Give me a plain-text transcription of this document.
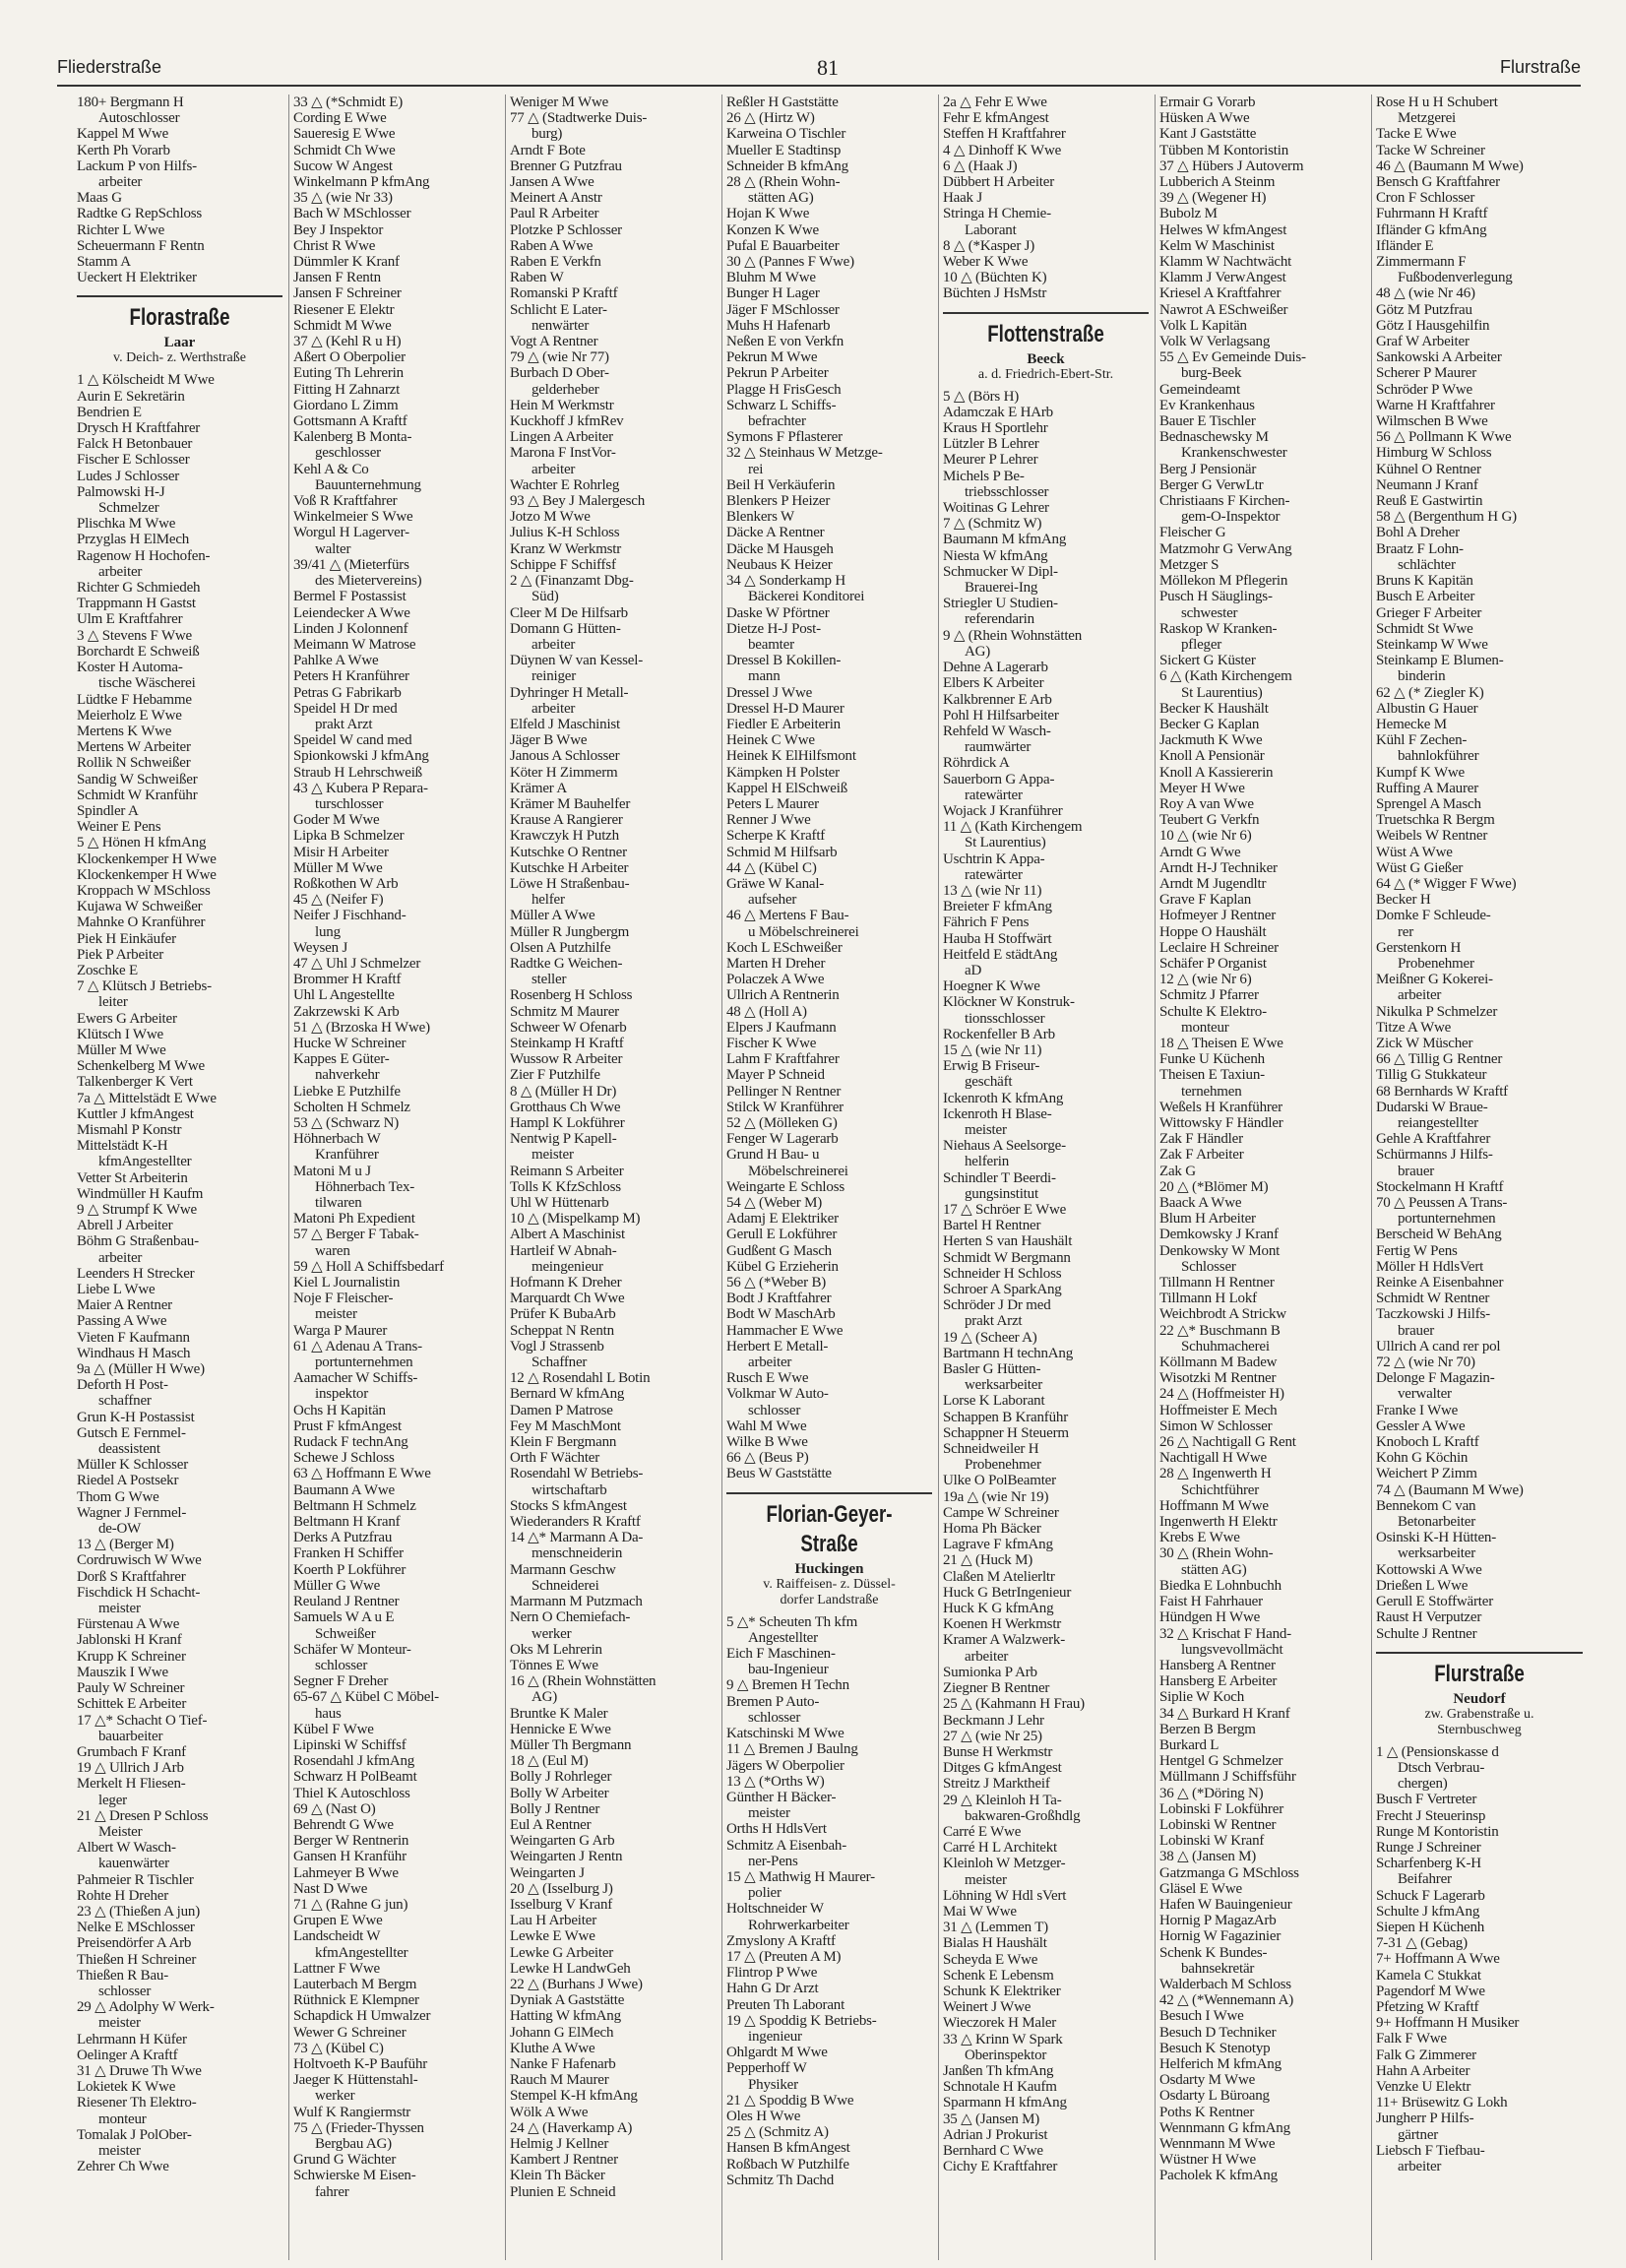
Fliederstraße	81	Flurstraße
180+ Bergmann H
Autoschlosser
Kappel M Wwe
Kerth Ph Vorarb
Lackum P von Hilfs-
arbeiter
Maas G
Radtke G RepSchloss
Richter L Wwe
Scheuermann F Rentn
Stamm A
Ueckert H Elektriker
Florastraße
Laar
v. Deich- z. Werthstraße
1 △ Kölscheidt M Wwe
Aurin E Sekretärin
Bendrien E
Drysch H Kraftfahrer
Falck H Betonbauer
Fischer E Schlosser
Ludes J Schlosser
Palmowski H-J
Schmelzer
Plischka M Wwe
Przyglas H ElMech
Ragenow H Hochofen-
arbeiter
Richter G Schmiedeh
Trappmann H Gastst
Ulm E Kraftfahrer
3 △ Stevens F Wwe
Borchardt E Schweiß
Koster H Automa-
tische Wäscherei
Lüdtke F Hebamme
Meierholz E Wwe
Mertens K Wwe
Mertens W Arbeiter
Rollik N Schweißer
Sandig W Schweißer
Schmidt W Kranführ
Spindler A
Weiner E Pens
5 △ Hönen H kfmAng
Klockenkemper H Wwe
Klockenkemper H Wwe
Kroppach W MSchloss
Kujawa W Schweißer
Mahnke O Kranführer
Piek H Einkäufer
Piek P Arbeiter
Zoschke E
7 △ Klütsch J Betriebs-
leiter
Ewers G Arbeiter
Klütsch I Wwe
Müller M Wwe
Schenkelberg M Wwe
Talkenberger K Vert
7a △ Mittelstädt E Wwe
Kuttler J kfmAngest
Mismahl P Konstr
Mittelstädt K-H
kfmAngestellter
Vetter St Arbeiterin
Windmüller H Kaufm
9 △ Strumpf K Wwe
Abrell J Arbeiter
Böhm G Straßenbau-
arbeiter
Leenders H Strecker
Liebe L Wwe
Maier A Rentner
Passing A Wwe
Vieten F Kaufmann
Windhaus H Masch
9a △ (Müller H Wwe)
Deforth H Post-
schaffner
Grun K-H Postassist
Gutsch E Fernmel-
deassistent
Müller K Schlosser
Riedel A Postsekr
Thom G Wwe
Wagner J Fernmel-
de-OW
13 △ (Berger M)
Cordruwisch W Wwe
Dorß S Kraftfahrer
Fischdick H Schacht-
meister
Fürstenau A Wwe
Jablonski H Kranf
Krupp K Schreiner
Mauszik I Wwe
Pauly W Schreiner
Schittek E Arbeiter
17 △* Schacht O Tief-
bauarbeiter
Grumbach F Kranf
19 △ Ullrich J Arb
Merkelt H Fliesen-
leger
21 △ Dresen P Schloss
Meister
Albert W Wasch-
kauenwärter
Pahmeier R Tischler
Rohte H Dreher
23 △ (Thießen A jun)
Nelke E MSchlosser
Preisendörfer A Arb
Thießen H Schreiner
Thießen R Bau-
schlosser
29 △ Adolphy W Werk-
meister
Lehrmann H Küfer
Oelinger A Kraftf
31 △ Druwe Th Wwe
Lokietek K Wwe
Riesener Th Elektro-
monteur
Tomalak J PolOber-
meister
Zehrer Ch Wwe
33 △ (*Schmidt E)
Cording E Wwe
Saueresig E Wwe
Schmidt Ch Wwe
Sucow W Angest
Winkelmann P kfmAng
35 △ (wie Nr 33)
Bach W MSchlosser
Bey J Inspektor
Christ R Wwe
Dümmler K Kranf
Jansen F Rentn
Jansen F Schreiner
Riesener E Elektr
Schmidt M Wwe
37 △ (Kehl R u H)
Aßert O Oberpolier
Euting Th Lehrerin
Fitting H Zahnarzt
Giordano L Zimm
Gottsmann A Kraftf
Kalenberg B Monta-
geschlosser
Kehl A & Co
Bauunternehmung
Voß R Kraftfahrer
Winkelmeier S Wwe
Worgul H Lagerver-
walter
39/41 △ (Mieterfürs
des Mietervereins)
Bermel F Postassist
Leiendecker A Wwe
Linden J Kolonnenf
Meimann W Matrose
Pahlke A Wwe
Peters H Kranführer
Petras G Fabrikarb
Speidel H Dr med
prakt Arzt
Speidel W cand med
Spionkowski J kfmAng
Straub H Lehrschweiß
43 △ Kubera P Repara-
turschlosser
Goder M Wwe
Lipka B Schmelzer
Misir H Arbeiter
Müller M Wwe
Roßkothen W Arb
45 △ (Neifer F)
Neifer J Fischhand-
lung
Weysen J
47 △ Uhl J Schmelzer
Brommer H Kraftf
Uhl L Angestellte
Zakrzewski K Arb
51 △ (Brzoska H Wwe)
Hucke W Schreiner
Kappes E Güter-
nahverkehr
Liebke E Putzhilfe
Scholten H Schmelz
53 △ (Schwarz N)
Höhnerbach W
Kranführer
Matoni M u J
Höhnerbach Tex-
tilwaren
Matoni Ph Expedient
57 △ Berger F Tabak-
waren
59 △ Holl A Schiffsbedarf
Kiel L Journalistin
Noje F Fleischer-
meister
Warga P Maurer
61 △ Adenau A Trans-
portunternehmen
Aamacher W Schiffs-
inspektor
Ochs H Kapitän
Prust F kfmAngest
Rudack F technAng
Schewe J Schloss
63 △ Hoffmann E Wwe
Baumann A Wwe
Beltmann H Schmelz
Beltmann H Kranf
Derks A Putzfrau
Franken H Schiffer
Koerth P Lokführer
Müller G Wwe
Reuland J Rentner
Samuels W A u E
Schweißer
Schäfer W Monteur-
schlosser
Segner F Dreher
65-67 △ Kübel C Möbel-
haus
Kübel F Wwe
Lipinski W Schiffsf
Rosendahl J kfmAng
Schwarz H PolBeamt
Thiel K Autoschloss
69 △ (Nast O)
Behrendt G Wwe
Berger W Rentnerin
Gansen H Kranführ
Lahmeyer B Wwe
Nast D Wwe
71 △ (Rahne G jun)
Grupen E Wwe
Landscheidt W
kfmAngestellter
Lattner F Wwe
Lauterbach M Bergm
Rüthnick E Klempner
Schapdick H Umwalzer
Wewer G Schreiner
73 △ (Kübel C)
Holtvoeth K-P Bauführ
Jaeger K Hüttenstahl-
werker
Wulf K Rangiermstr
75 △ (Frieder-Thyssen
Bergbau AG)
Grund G Wächter
Schwierske M Eisen-
fahrer
Weniger M Wwe
77 △ (Stadtwerke Duis-
burg)
Arndt F Bote
Brenner G Putzfrau
Jansen A Wwe
Meinert A Anstr
Paul R Arbeiter
Plotzke P Schlosser
Raben A Wwe
Raben E Verkfn
Raben W
Romanski P Kraftf
Schlicht E Later-
nenwärter
Vogt A Rentner
79 △ (wie Nr 77)
Burbach D Ober-
gelderheber
Hein M Werkmstr
Kuckhoff J kfmRev
Lingen A Arbeiter
Marona F InstVor-
arbeiter
Wachter E Rohrleg
93 △ Bey J Malergesch
Jotzo M Wwe
Julius K-H Schloss
Kranz W Werkmstr
Schippe F Schiffsf
2 △ (Finanzamt Dbg-
Süd)
Cleer M De Hilfsarb
Domann G Hütten-
arbeiter
Düynen W van Kessel-
reiniger
Dyhringer H Metall-
arbeiter
Elfeld J Maschinist
Jäger B Wwe
Janous A Schlosser
Köter H Zimmerm
Krämer A
Krämer M Bauhelfer
Krause A Rangierer
Krawczyk H Putzh
Kutschke O Rentner
Kutschke H Arbeiter
Löwe H Straßenbau-
helfer
Müller A Wwe
Müller R Jungbergm
Olsen A Putzhilfe
Radtke G Weichen-
steller
Rosenberg H Schloss
Schmitz M Maurer
Schweer W Ofenarb
Steinkamp H Kraftf
Wussow R Arbeiter
Zier F Putzhilfe
8 △ (Müller H Dr)
Grotthaus Ch Wwe
Hampl K Lokführer
Nentwig P Kapell-
meister
Reimann S Arbeiter
Tolls K KfzSchloss
Uhl W Hüttenarb
10 △ (Mispelkamp M)
Albert A Maschinist
Hartleif W Abnah-
meingenieur
Hofmann K Dreher
Marquardt Ch Wwe
Prüfer K BubaArb
Scheppat N Rentn
Vogl J Strassenb
Schaffner
12 △ Rosendahl L Botin
Bernard W kfmAng
Damen P Matrose
Fey M MaschMont
Klein F Bergmann
Orth F Wächter
Rosendahl W Betriebs-
wirtschaftarb
Stocks S kfmAngest
Wiederanders R Kraftf
14 △* Marmann A Da-
menschneiderin
Marmann Geschw
Schneiderei
Marmann M Putzmach
Nern O Chemiefach-
werker
Oks M Lehrerin
Tönnes E Wwe
16 △ (Rhein Wohnstätten
AG)
Bruntke K Maler
Hennicke E Wwe
Müller Th Bergmann
18 △ (Eul M)
Bolly J Rohrleger
Bolly W Arbeiter
Bolly J Rentner
Eul A Rentner
Weingarten G Arb
Weingarten J Rentn
Weingarten J
20 △ (Isselburg J)
Isselburg V Kranf
Lau H Arbeiter
Lewke E Wwe
Lewke G Arbeiter
Lewke H LandwGeh
22 △ (Burhans J Wwe)
Dyniak A Gaststätte
Hatting W kfmAng
Johann G ElMech
Kluthe A Wwe
Nanke F Hafenarb
Rauch M Maurer
Stempel K-H kfmAng
Wölk A Wwe
24 △ (Haverkamp A)
Helmig J Kellner
Kambert J Rentner
Klein Th Bäcker
Plunien E Schneid
Reßler H Gaststätte
26 △ (Hirtz W)
Karweina O Tischler
Mueller E Stadtinsp
Schneider B kfmAng
28 △ (Rhein Wohn-
stätten AG)
Hojan K Wwe
Konzen K Wwe
Pufal E Bauarbeiter
30 △ (Pannes F Wwe)
Bluhm M Wwe
Bunger H Lager
Jäger F MSchlosser
Muhs H Hafenarb
Neßen E von Verkfn
Pekrun M Wwe
Pekrun P Arbeiter
Plagge H FrisGesch
Schwarz L Schiffs-
befrachter
Symons F Pflasterer
32 △ Steinhaus W Metzge-
rei
Beil H Verkäuferin
Blenkers P Heizer
Blenkers W
Däcke A Rentner
Däcke M Hausgeh
Neubaus K Heizer
34 △ Sonderkamp H
Bäckerei Konditorei
Daske W Pförtner
Dietze H-J Post-
beamter
Dressel B Kokillen-
mann
Dressel J Wwe
Dressel H-D Maurer
Fiedler E Arbeiterin
Heinek C Wwe
Heinek K ElHilfsmont
Kämpken H Polster
Kappel H ElSchweiß
Peters L Maurer
Renner J Wwe
Scherpe K Kraftf
Schmid M Hilfsarb
44 △ (Kübel C)
Gräwe W Kanal-
aufseher
46 △ Mertens F Bau-
u Möbelschreinerei
Koch L ESchweißer
Marten H Dreher
Polaczek A Wwe
Ullrich A Rentnerin
48 △ (Holl A)
Elpers J Kaufmann
Fischer K Wwe
Lahm F Kraftfahrer
Mayer P Schneid
Pellinger N Rentner
Stilck W Kranführer
52 △ (Mölleken G)
Fenger W Lagerarb
Grund H Bau- u
Möbelschreinerei
Weingarte E Schloss
54 △ (Weber M)
Adamj E Elektriker
Gerull E Lokführer
Gudßent G Masch
Kübel G Erzieherin
56 △ (*Weber B)
Bodt J Kraftfahrer
Bodt W MaschArb
Hammacher E Wwe
Herbert E Metall-
arbeiter
Rusch E Wwe
Volkmar W Auto-
schlosser
Wahl M Wwe
Wilke B Wwe
66 △ (Beus P)
Beus W Gaststätte
Florian-Geyer-Straße
Huckingen
v. Raiffeisen- z. Düssel-
dorfer Landstraße
5 △* Scheuten Th kfm
Angestellter
Eich F Maschinen-
bau-Ingenieur
9 △ Bremen H Techn
Bremen P Auto-
schlosser
Katschinski M Wwe
11 △ Bremen J Baulng
Jägers W Oberpolier
13 △ (*Orths W)
Günther H Bäcker-
meister
Orths H HdlsVert
Schmitz A Eisenbah-
ner-Pens
15 △ Mathwig H Maurer-
polier
Holtschneider W
Rohrwerkarbeiter
Zmyslony A Kraftf
17 △ (Preuten A M)
Flintrop P Wwe
Hahn G Dr Arzt
Preuten Th Laborant
19 △ Spoddig K Betriebs-
ingenieur
Ohlgardt M Wwe
Pepperhoff W
Physiker
21 △ Spoddig B Wwe
Oles H Wwe
25 △ (Schmitz A)
Hansen B kfmAngest
Roßbach W Putzhilfe
Schmitz Th Dachd
2a △ Fehr E Wwe
Fehr E kfmAngest
Steffen H Kraftfahrer
4 △ Dinhoff K Wwe
6 △ (Haak J)
Dübbert H Arbeiter
Haak J
Stringa H Chemie-
Laborant
8 △ (*Kasper J)
Weber K Wwe
10 △ (Büchten K)
Büchten J HsMstr
Flottenstraße
Beeck
a. d. Friedrich-Ebert-Str.
5 △ (Börs H)
Adamczak E HArb
Kraus H Sportlehr
Lützler B Lehrer
Meurer P Lehrer
Michels P Be-
triebsschlosser
Woitinas G Lehrer
7 △ (Schmitz W)
Baumann M kfmAng
Niesta W kfmAng
Schmucker W Dipl-
Brauerei-Ing
Striegler U Studien-
referendarin
9 △ (Rhein Wohnstätten
AG)
Dehne A Lagerarb
Elbers K Arbeiter
Kalkbrenner E Arb
Pohl H Hilfsarbeiter
Rehfeld W Wasch-
raumwärter
Röhrdick A
Sauerborn G Appa-
ratewärter
Wojack J Kranführer
11 △ (Kath Kirchengem
St Laurentius)
Uschtrin K Appa-
ratewärter
13 △ (wie Nr 11)
Breieter F kfmAng
Fährich F Pens
Hauba H Stoffwärt
Heitfeld E städtAng
aD
Hoegner K Wwe
Klöckner W Konstruk-
tionsschlosser
Rockenfeller B Arb
15 △ (wie Nr 11)
Erwig B Friseur-
geschäft
Ickenroth K kfmAng
Ickenroth H Blase-
meister
Niehaus A Seelsorge-
helferin
Schindler T Beerdi-
gungsinstitut
17 △ Schröer E Wwe
Bartel H Rentner
Herten S van Haushält
Schmidt W Bergmann
Schneider H Schloss
Schroer A SparkAng
Schröder J Dr med
prakt Arzt
19 △ (Scheer A)
Bartmann H technAng
Basler G Hütten-
werksarbeiter
Lorse K Laborant
Schappen B Kranführ
Schappner H Steuerm
Schneidweiler H
Probenehmer
Ulke O PolBeamter
19a △ (wie Nr 19)
Campe W Schreiner
Homa Ph Bäcker
Lagrave F kfmAng
21 △ (Huck M)
Claßen M Atelierltr
Huck G BetrIngenieur
Huck K G kfmAng
Koenen H Werkmstr
Kramer A Walzwerk-
arbeiter
Sumionka P Arb
Ziegner B Rentner
25 △ (Kahmann H Frau)
Beckmann J Lehr
27 △ (wie Nr 25)
Bunse H Werkmstr
Ditges G kfmAngest
Streitz J Marktheif
29 △ Kleinloh H Ta-
bakwaren-Großhdlg
Carré E Wwe
Carré H L Architekt
Kleinloh W Metzger-
meister
Löhning W Hdl sVert
Mai W Wwe
31 △ (Lemmen T)
Bialas H Haushält
Scheyda E Wwe
Schenk E Lebensm
Schunk K Elektriker
Weinert J Wwe
Wieczorek H Maler
33 △ Krinn W Spark
Oberinspektor
Janßen Th kfmAng
Schnotale H Kaufm
Sparmann H kfmAng
35 △ (Jansen M)
Adrian J Prokurist
Bernhard C Wwe
Cichy E Kraftfahrer
Ermair G Vorarb
Hüsken A Wwe
Kant J Gaststätte
Tübben M Kontoristin
37 △ Hübers J Autoverm
Lubberich A Steinm
39 △ (Wegener H)
Bubolz M
Helwes W kfmAngest
Kelm W Maschinist
Klamm W Nachtwächt
Klamm J VerwAngest
Kriesel A Kraftfahrer
Nawrot A ESchweißer
Volk L Kapitän
Volk W Verlagsang
55 △ Ev Gemeinde Duis-
burg-Beek
Gemeindeamt
Ev Krankenhaus
Bauer E Tischler
Bednaschewsky M
Krankenschwester
Berg J Pensionär
Berger G VerwLtr
Christiaans F Kirchen-
gem-O-Inspektor
Fleischer G
Matzmohr G VerwAng
Metzger S
Möllekon M Pflegerin
Pusch H Säuglings-
schwester
Raskop W Kranken-
pfleger
Sickert G Küster
6 △ (Kath Kirchengem
St Laurentius)
Becker K Haushält
Becker G Kaplan
Jackmuth K Wwe
Knoll A Pensionär
Knoll A Kassiererin
Meyer H Wwe
Roy A van Wwe
Teubert G Verkfn
10 △ (wie Nr 6)
Arndt G Wwe
Arndt H-J Techniker
Arndt M Jugendltr
Grave F Kaplan
Hofmeyer J Rentner
Hoppe O Haushält
Leclaire H Schreiner
Schäfer P Organist
12 △ (wie Nr 6)
Schmitz J Pfarrer
Schulte K Elektro-
monteur
18 △ Theisen E Wwe
Funke U Küchenh
Theisen E Taxiun-
ternehmen
Weßels H Kranführer
Wittowsky F Händler
Zak F Händler
Zak F Arbeiter
Zak G
20 △ (*Blömer M)
Baack A Wwe
Blum H Arbeiter
Demkowsky J Kranf
Denkowsky W Mont
Schlosser
Tillmann H Rentner
Tillmann H Lokf
Weichbrodt A Strickw
22 △* Buschmann B
Schuhmacherei
Köllmann M Badew
Wisotzki M Rentner
24 △ (Hoffmeister H)
Hoffmeister E Mech
Simon W Schlosser
26 △ Nachtigall G Rent
Nachtigall H Wwe
28 △ Ingenwerth H
Schichtführer
Hoffmann M Wwe
Ingenwerth H Elektr
Krebs E Wwe
30 △ (Rhein Wohn-
stätten AG)
Biedka E Lohnbuchh
Faist H Fahrhauer
Hündgen H Wwe
32 △ Krischat F Hand-
lungsvevollmächt
Hansberg A Rentner
Hansberg E Arbeiter
Siplie W Koch
34 △ Burkard H Kranf
Berzen B Bergm
Burkard L
Hentgel G Schmelzer
Müllmann J Schiffsführ
36 △ (*Döring N)
Lobinski F Lokführer
Lobinski W Rentner
Lobinski W Kranf
38 △ (Jansen M)
Gatzmanga G MSchloss
Gläsel E Wwe
Hafen W Bauingenieur
Hornig P MagazArb
Hornig W Fagazinier
Schenk K Bundes-
bahnsekretär
Walderbach M Schloss
42 △ (*Wennemann A)
Besuch I Wwe
Besuch D Techniker
Besuch K Stenotyp
Helferich M kfmAng
Osdarty M Wwe
Osdarty L Büroang
Poths K Rentner
Wennmann G kfmAng
Wennmann M Wwe
Wüstner H Wwe
Pacholek K kfmAng
Rose H u H Schubert
Metzgerei
Tacke E Wwe
Tacke W Schreiner
46 △ (Baumann M Wwe)
Bensch G Kraftfahrer
Cron F Schlosser
Fuhrmann H Kraftf
Ifländer G kfmAng
Ifländer E
Zimmermann F
Fußbodenverlegung
48 △ (wie Nr 46)
Götz M Putzfrau
Götz I Hausgehilfin
Graf W Arbeiter
Sankowski A Arbeiter
Scherer P Maurer
Schröder P Wwe
Warne H Kraftfahrer
Wilmschen B Wwe
56 △ Pollmann K Wwe
Himburg W Schloss
Kühnel O Rentner
Neumann J Kranf
Reuß E Gastwirtin
58 △ (Bergenthum H G)
Bohl A Dreher
Braatz F Lohn-
schlächter
Bruns K Kapitän
Busch E Arbeiter
Grieger F Arbeiter
Schmidt St Wwe
Steinkamp W Wwe
Steinkamp E Blumen-
binderin
62 △ (* Ziegler K)
Albustin G Hauer
Hemecke M
Kühl F Zechen-
bahnlokführer
Kumpf K Wwe
Ruffing A Maurer
Sprengel A Masch
Truetschka R Bergm
Weibels W Rentner
Wüst A Wwe
Wüst G Gießer
64 △ (* Wigger F Wwe)
Becker H
Domke F Schleude-
rer
Gerstenkorn H
Probenehmer
Meißner G Kokerei-
arbeiter
Nikulka P Schmelzer
Titze A Wwe
Zick W Müscher
66 △ Tillig G Rentner
Tillig G Stukkateur
68 Bernhards W Kraftf
Dudarski W Braue-
reiangestellter
Gehle A Kraftfahrer
Schürmanns J Hilfs-
brauer
Stockelmann H Kraftf
70 △ Peussen A Trans-
portunternehmen
Berscheid W BehAng
Fertig W Pens
Möller H HdlsVert
Reinke A Eisenbahner
Schmidt W Rentner
Taczkowski J Hilfs-
brauer
Ullrich A cand rer pol
72 △ (wie Nr 70)
Delonge F Magazin-
verwalter
Franke I Wwe
Gessler A Wwe
Knoboch L Kraftf
Kohn G Köchin
Weichert P Zimm
74 △ (Baumann M Wwe)
Bennekom C van
Betonarbeiter
Osinski K-H Hütten-
werksarbeiter
Kottowski A Wwe
Drießen L Wwe
Gerull E Stoffwärter
Raust H Verputzer
Schulte J Rentner
Flurstraße
Neudorf
zw. Grabenstraße u.
Sternbuschweg
1 △ (Pensionskasse d
Dtsch Verbrau-
chergen)
Busch F Vertreter
Frecht J Steuerinsp
Runge M Kontoristin
Runge J Schreiner
Scharfenberg K-H
Beifahrer
Schuck F Lagerarb
Schulte J kfmAng
Siepen H Küchenh
7-31 △ (Gebag)
7+ Hoffmann A Wwe
Kamela C Stukkat
Pagendorf M Wwe
Pfetzing W Kraftf
9+ Hoffmann H Musiker
Falk F Wwe
Falk G Zimmerer
Hahn A Arbeiter
Venzke U Elektr
11+ Brüsewitz G Lokh
Jungherr P Hilfs-
gärtner
Liebsch F Tiefbau-
arbeiter
